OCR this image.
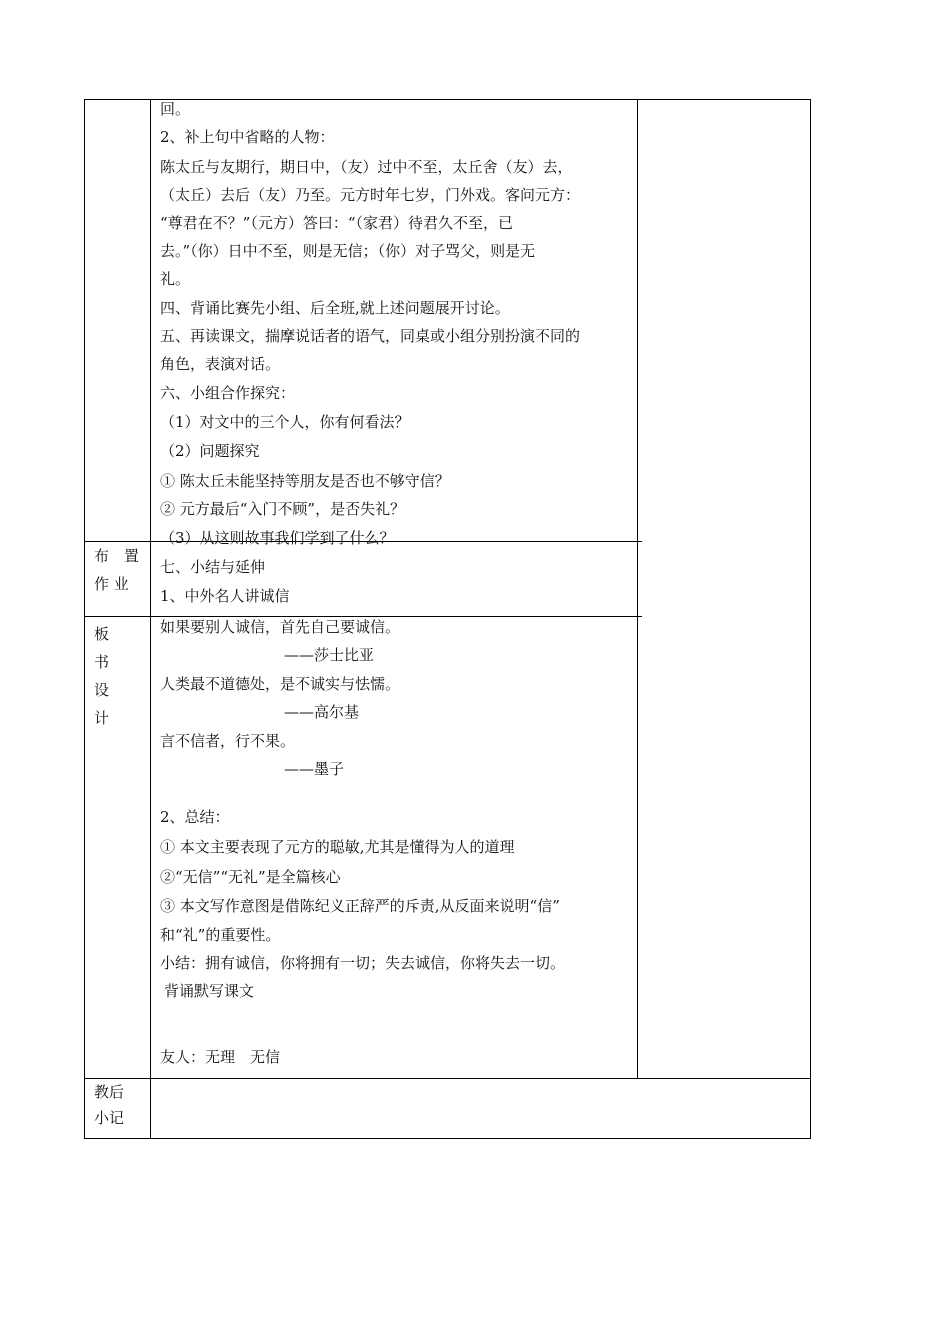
布　置
作 业
板
书
设
计
教后
小记
回。
2、补上句中省略的人物：
陈太丘与友期行，期日中，（友）过中不至，太丘舍（友）去，
（太丘）去后（友）乃至。元方时年七岁，门外戏。客问元方：
“尊君在不？”（元方）答曰：“（家君）待君久不至，已
去。”（你）日中不至，则是无信；（你）对子骂父，则是无
礼。
四、背诵比赛先小组、后全班,就上述问题展开讨论。
五、再读课文，揣摩说话者的语气，同桌或小组分别扮演不同的
角色，表演对话。
六、小组合作探究：
（1）对文中的三个人，你有何看法？
（2）问题探究
① 陈太丘未能坚持等朋友是否也不够守信？
② 元方最后“入门不顾”，是否失礼？
（3）从这则故事我们学到了什么？
七、小结与延伸
1、中外名人讲诚信
如果要别人诚信，首先自己要诚信。
——莎士比亚
人类最不道德处，是不诚实与怯懦。
——高尔基
言不信者，行不果。
——墨子
2、总结：
① 本文主要表现了元方的聪敏,尤其是懂得为人的道理
②“无信”“无礼”是全篇核心
③ 本文写作意图是借陈纪义正辞严的斥责,从反面来说明“信”
和“礼”的重要性。
小结：拥有诚信，你将拥有一切；失去诚信，你将失去一切。
背诵默写课文
友人：无理　无信
